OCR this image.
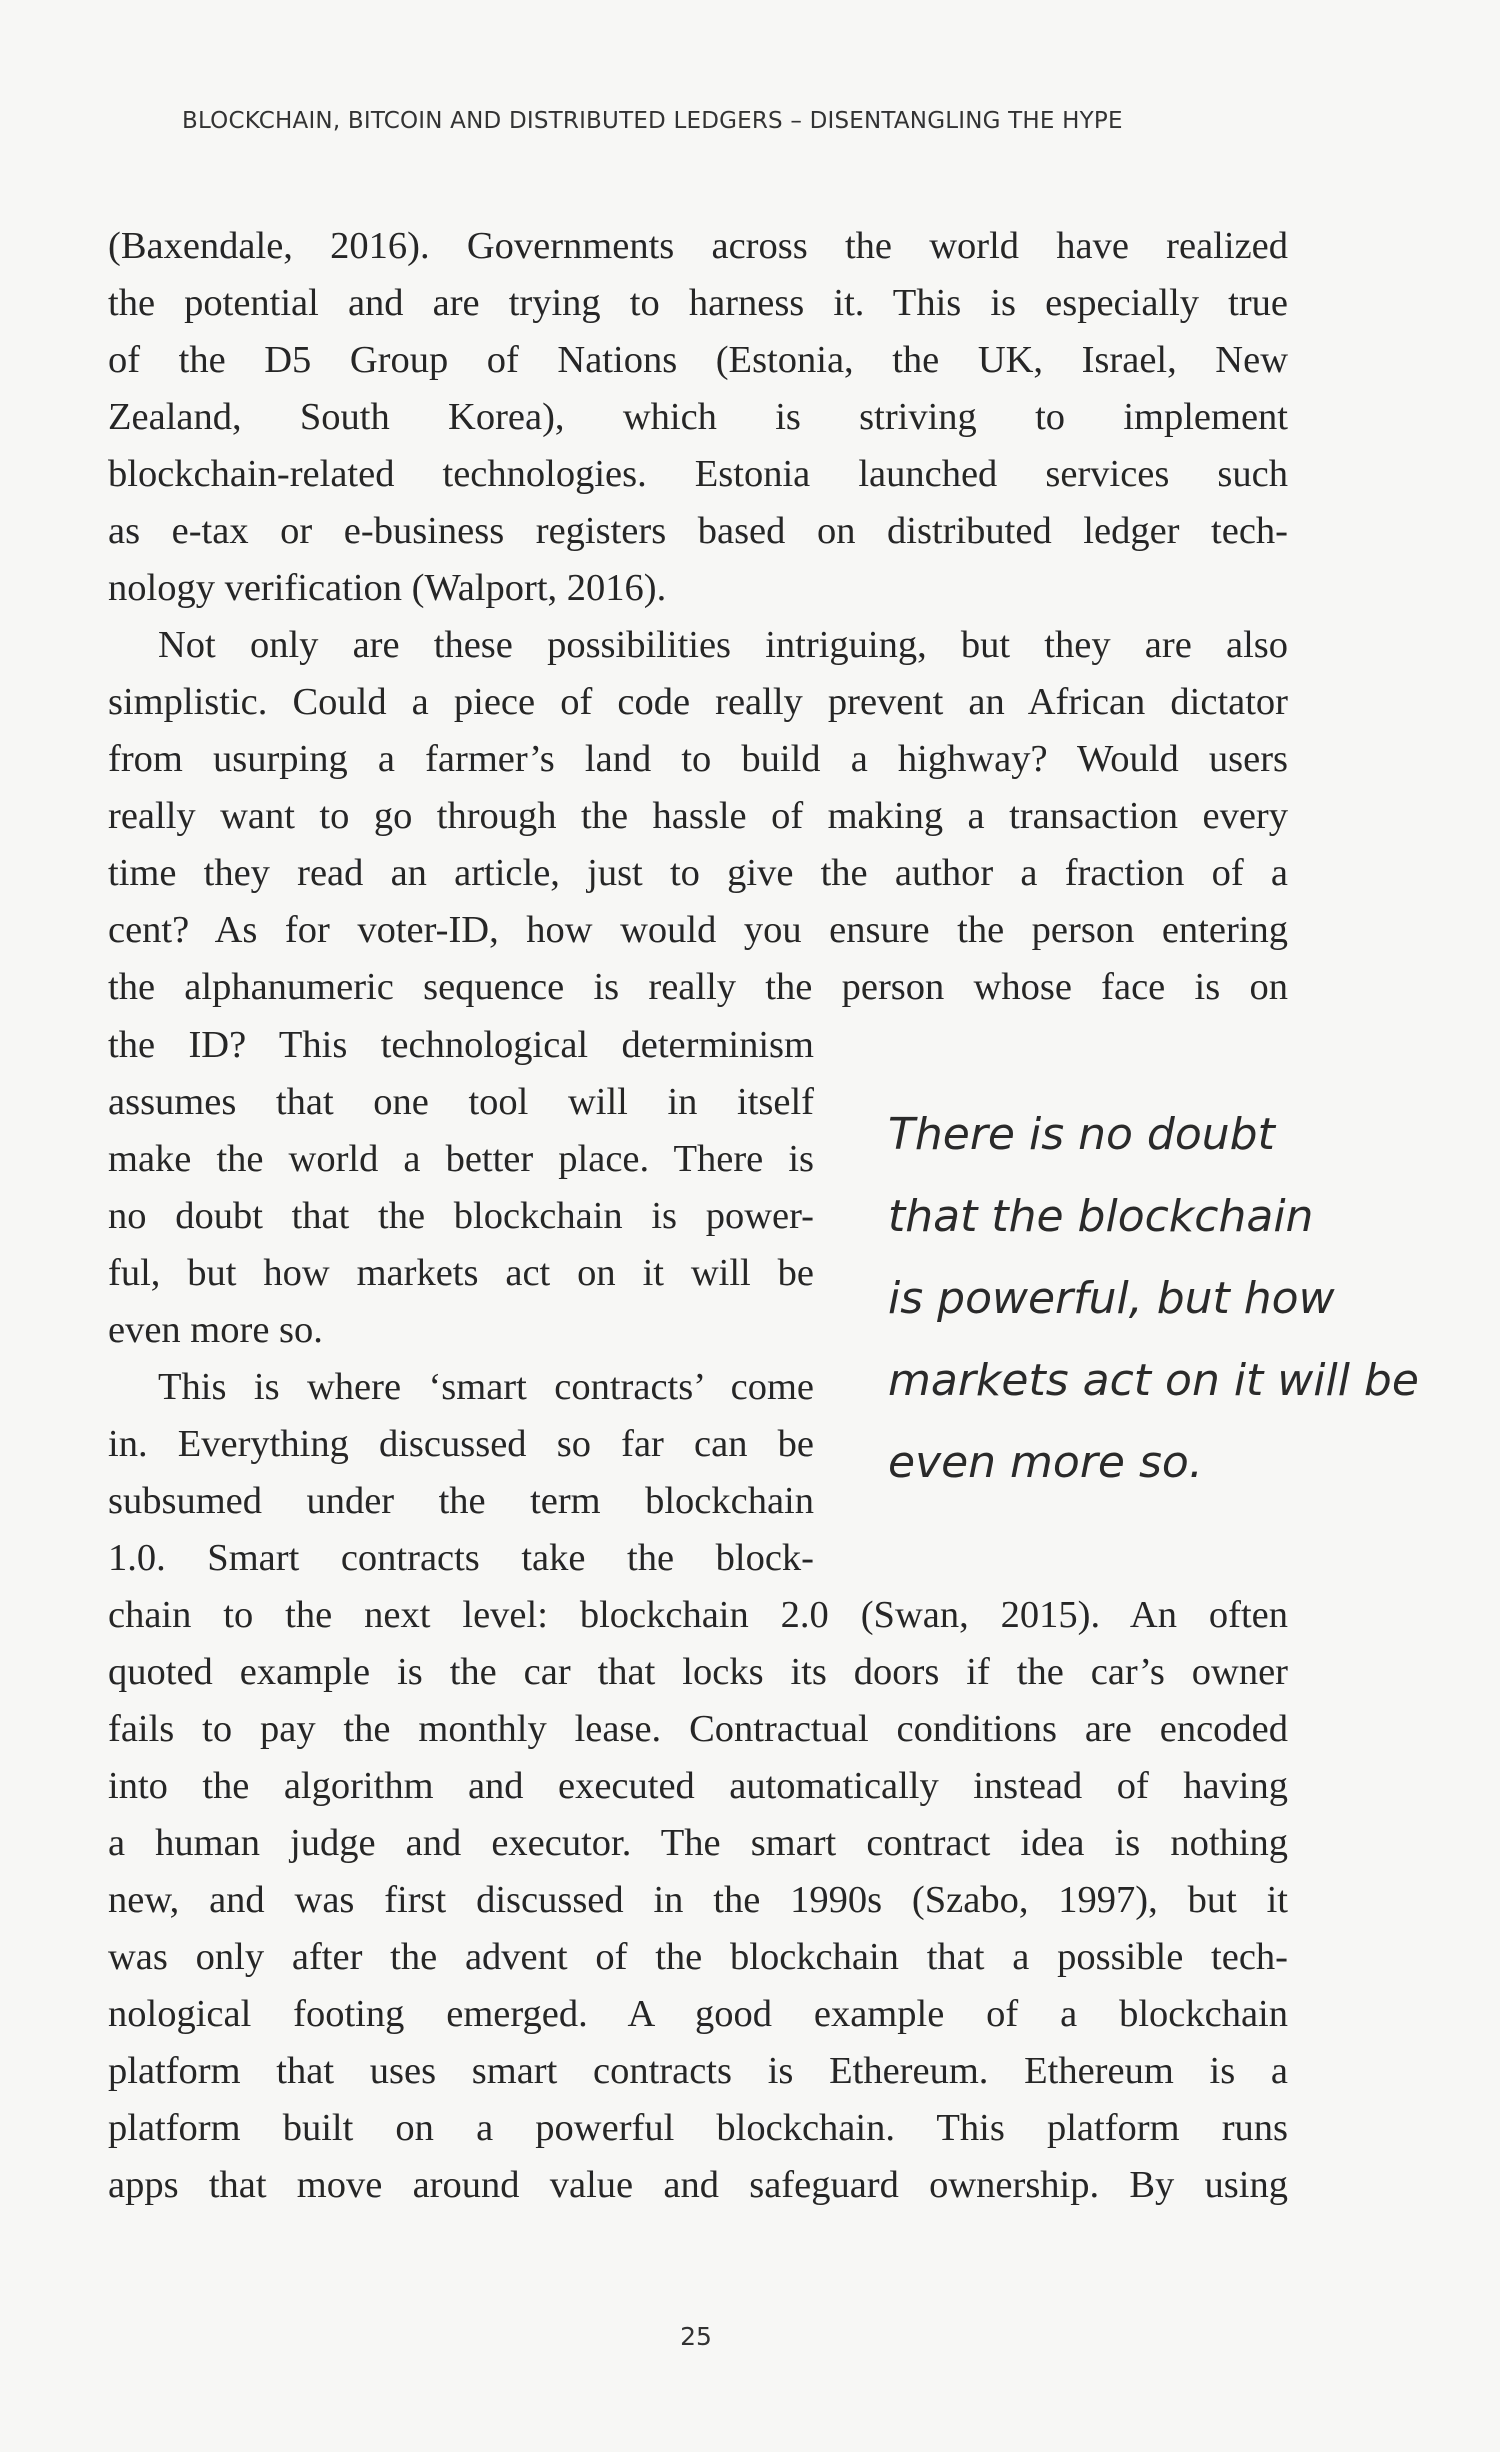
BLOCKCHAIN, BITCOIN AND DISTRIBUTED LEDGERS – DISENTANGLING THE HYPE
(Baxendale, 2016). Governments across the world have realized
the potential and are trying to harness it. This is especially true
of the D5 Group of Nations (Estonia, the UK, Israel, New
Zealand, South Korea), which is striving to implement
blockchain-related technologies. Estonia launched services such
as e-tax or e-business registers based on distributed ledger tech-
nology verification (Walport, 2016).
Not only are these possibilities intriguing, but they are also
simplistic. Could a piece of code really prevent an African dictator
from usurping a farmer’s land to build a highway? Would users
really want to go through the hassle of making a transaction every
time they read an article, just to give the author a fraction of a
cent? As for voter-ID, how would you ensure the person entering
the alphanumeric sequence is really the person whose face is on
the ID? This technological determinism
assumes that one tool will in itself
make the world a better place. There is
no doubt that the blockchain is power-
ful, but how markets act on it will be
even more so.
This is where ‘smart contracts’ come
in. Everything discussed so far can be
subsumed under the term blockchain
1.0. Smart contracts take the block-
There is no doubt
that the blockchain
is powerful, but how
markets act on it will be
even more so.
chain to the next level: blockchain 2.0 (Swan, 2015). An often
quoted example is the car that locks its doors if the car’s owner
fails to pay the monthly lease. Contractual conditions are encoded
into the algorithm and executed automatically instead of having
a human judge and executor. The smart contract idea is nothing
new, and was first discussed in the 1990s (Szabo, 1997), but it
was only after the advent of the blockchain that a possible tech-
nological footing emerged. A good example of a blockchain
platform that uses smart contracts is Ethereum. Ethereum is a
platform built on a powerful blockchain. This platform runs
apps that move around value and safeguard ownership. By using
25
